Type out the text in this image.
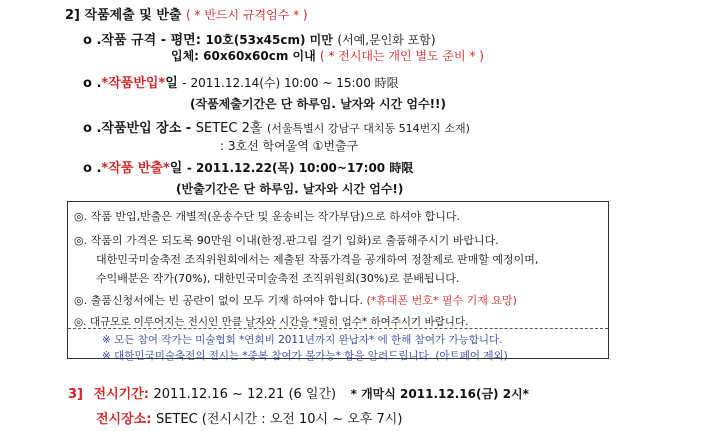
2] 작품제출 및 반출 ( * 반드시 규격엄수 * )
o .작품 규격 - 평면: 10호(53x45cm) 미만 (서예,문인화 포함)
입체: 60x60x60cm 이내 ( * 전시대는 개인 별도 준비 * )
o .*작품반입*일 - 2011.12.14(수) 10:00 ~ 15:00 時限
(작품제출기간은 단 하루임. 날자와 시간 엄수!!)
o .작품반입 장소 - SETEC 2홀 (서울특별시 강남구 대치동 514번지 소재)
: 3호선 학여울역 ①번출구
o .*작품 반출*일 - 2011.12.22(목) 10:00~17:00 時限
(반출기간은 단 하루임. 날자와 시간 엄수!)
◎. 작품 반입,반출은 개별적(운송수단 및 운송비는 작가부담)으로 하셔야 합니다.
◎. 작품의 가격은 되도록 90만원 이내(한정.판그림 걸기 입화)로 출품해주시기 바랍니다.
대한민국미술축전 조직위원회에서는 제출된 작품가격을 공개하여 정찰제로 판매할 예정이며,
수익배분은 작가(70%), 대한민국미술축전 조직위원회(30%)로 분배됩니다.
◎. 출품신청서에는 빈 공란이 없이 모두 기재 하여야 합니다. (*휴대폰 번호* 필수 기재 요망)
◎. 대규모로 이루어지는 전시인 만큼 날자와 시간을 *필히 엄수* 하여주시기 바랍니다.
※ 모든 참여 작가는 미술협회 *연회비 2011년까지 완납자* 에 한해 참여가 가능합니다.
※ 대한민국미술축전의 전시는 *중복 참여가 불가능* 함을 알려드립니다. (아트페어 제외)
3] 전시기간: 2011.12.16 ~ 12.21 (6 일간) * 개막식 2011.12.16(금) 2시*
전시장소: SETEC (전시시간 : 오전 10시 ~ 오후 7시)
